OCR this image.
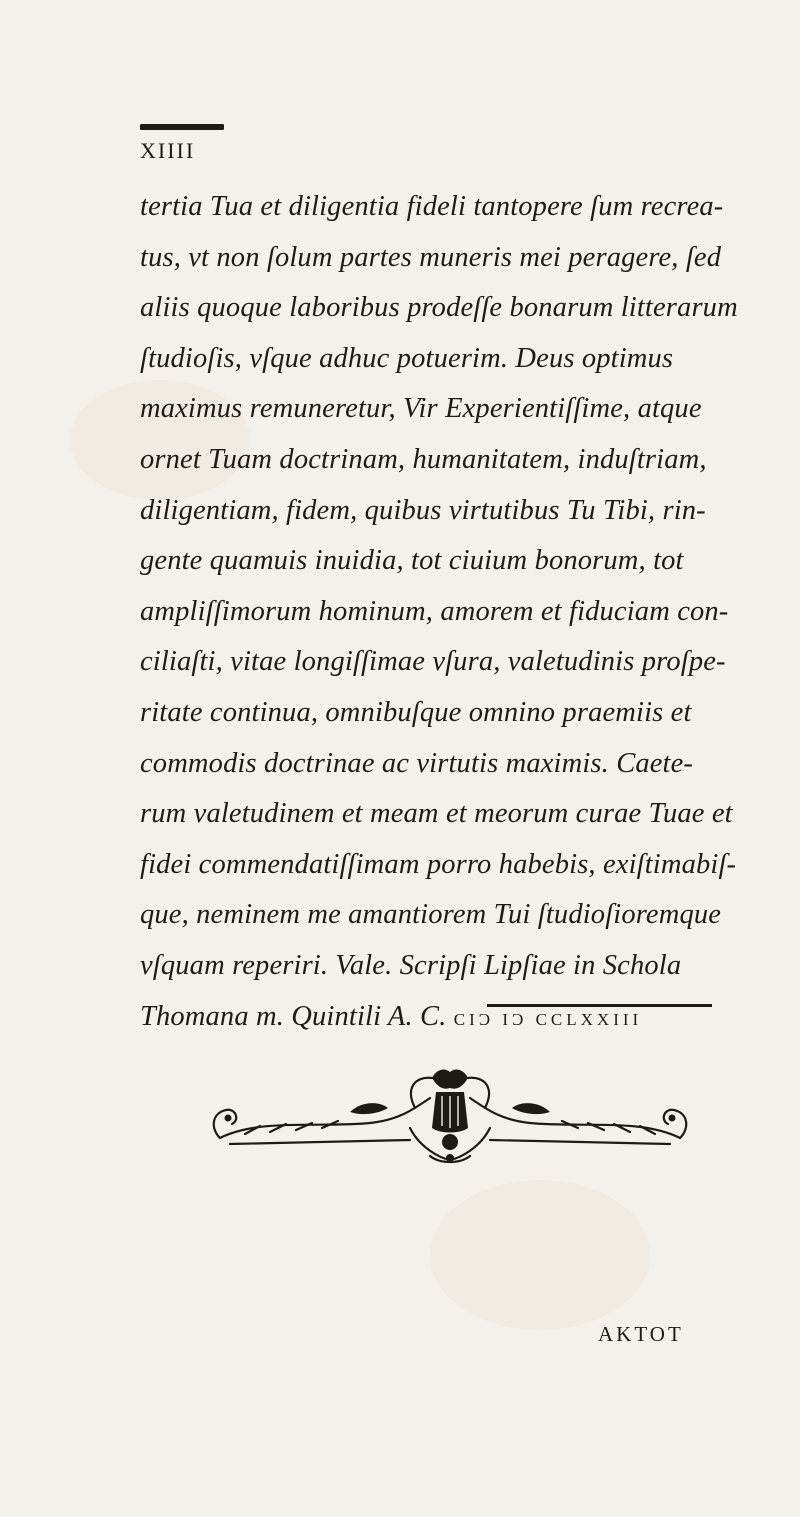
XIIII
tertia Tua et diligentia fideli tantopere ſum recrea-
tus, vt non ſolum partes muneris mei peragere, ſed
aliis quoque laboribus prodeſſe bonarum litterarum
ſtudioſis, vſque adhuc potuerim. Deus optimus
maximus remuneretur, Vir Experientiſſime, atque
ornet Tuam doctrinam, humanitatem, induſtriam,
diligentiam, fidem, quibus virtutibus Tu Tibi, rin-
gente quamuis inuidia, tot ciuium bonorum, tot
ampliſſimorum hominum, amorem et fiduciam con-
ciliaſti, vitae longiſſimae vſura, valetudinis proſpe-
ritate continua, omnibuſque omnino praemiis et
commodis doctrinae ac virtutis maximis. Caete-
rum valetudinem et meam et meorum curae Tuae et
fidei commendatiſſimam porro habebis, exiſtimabiſ-
que, neminem me amantiorem Tui ſtudioſioremque
vſquam reperiri. Vale. Scripſi Lipſiae in Schola
Thomana m. Quintili A. C. CIƆ IƆ CCLXXIII
AKTOT
